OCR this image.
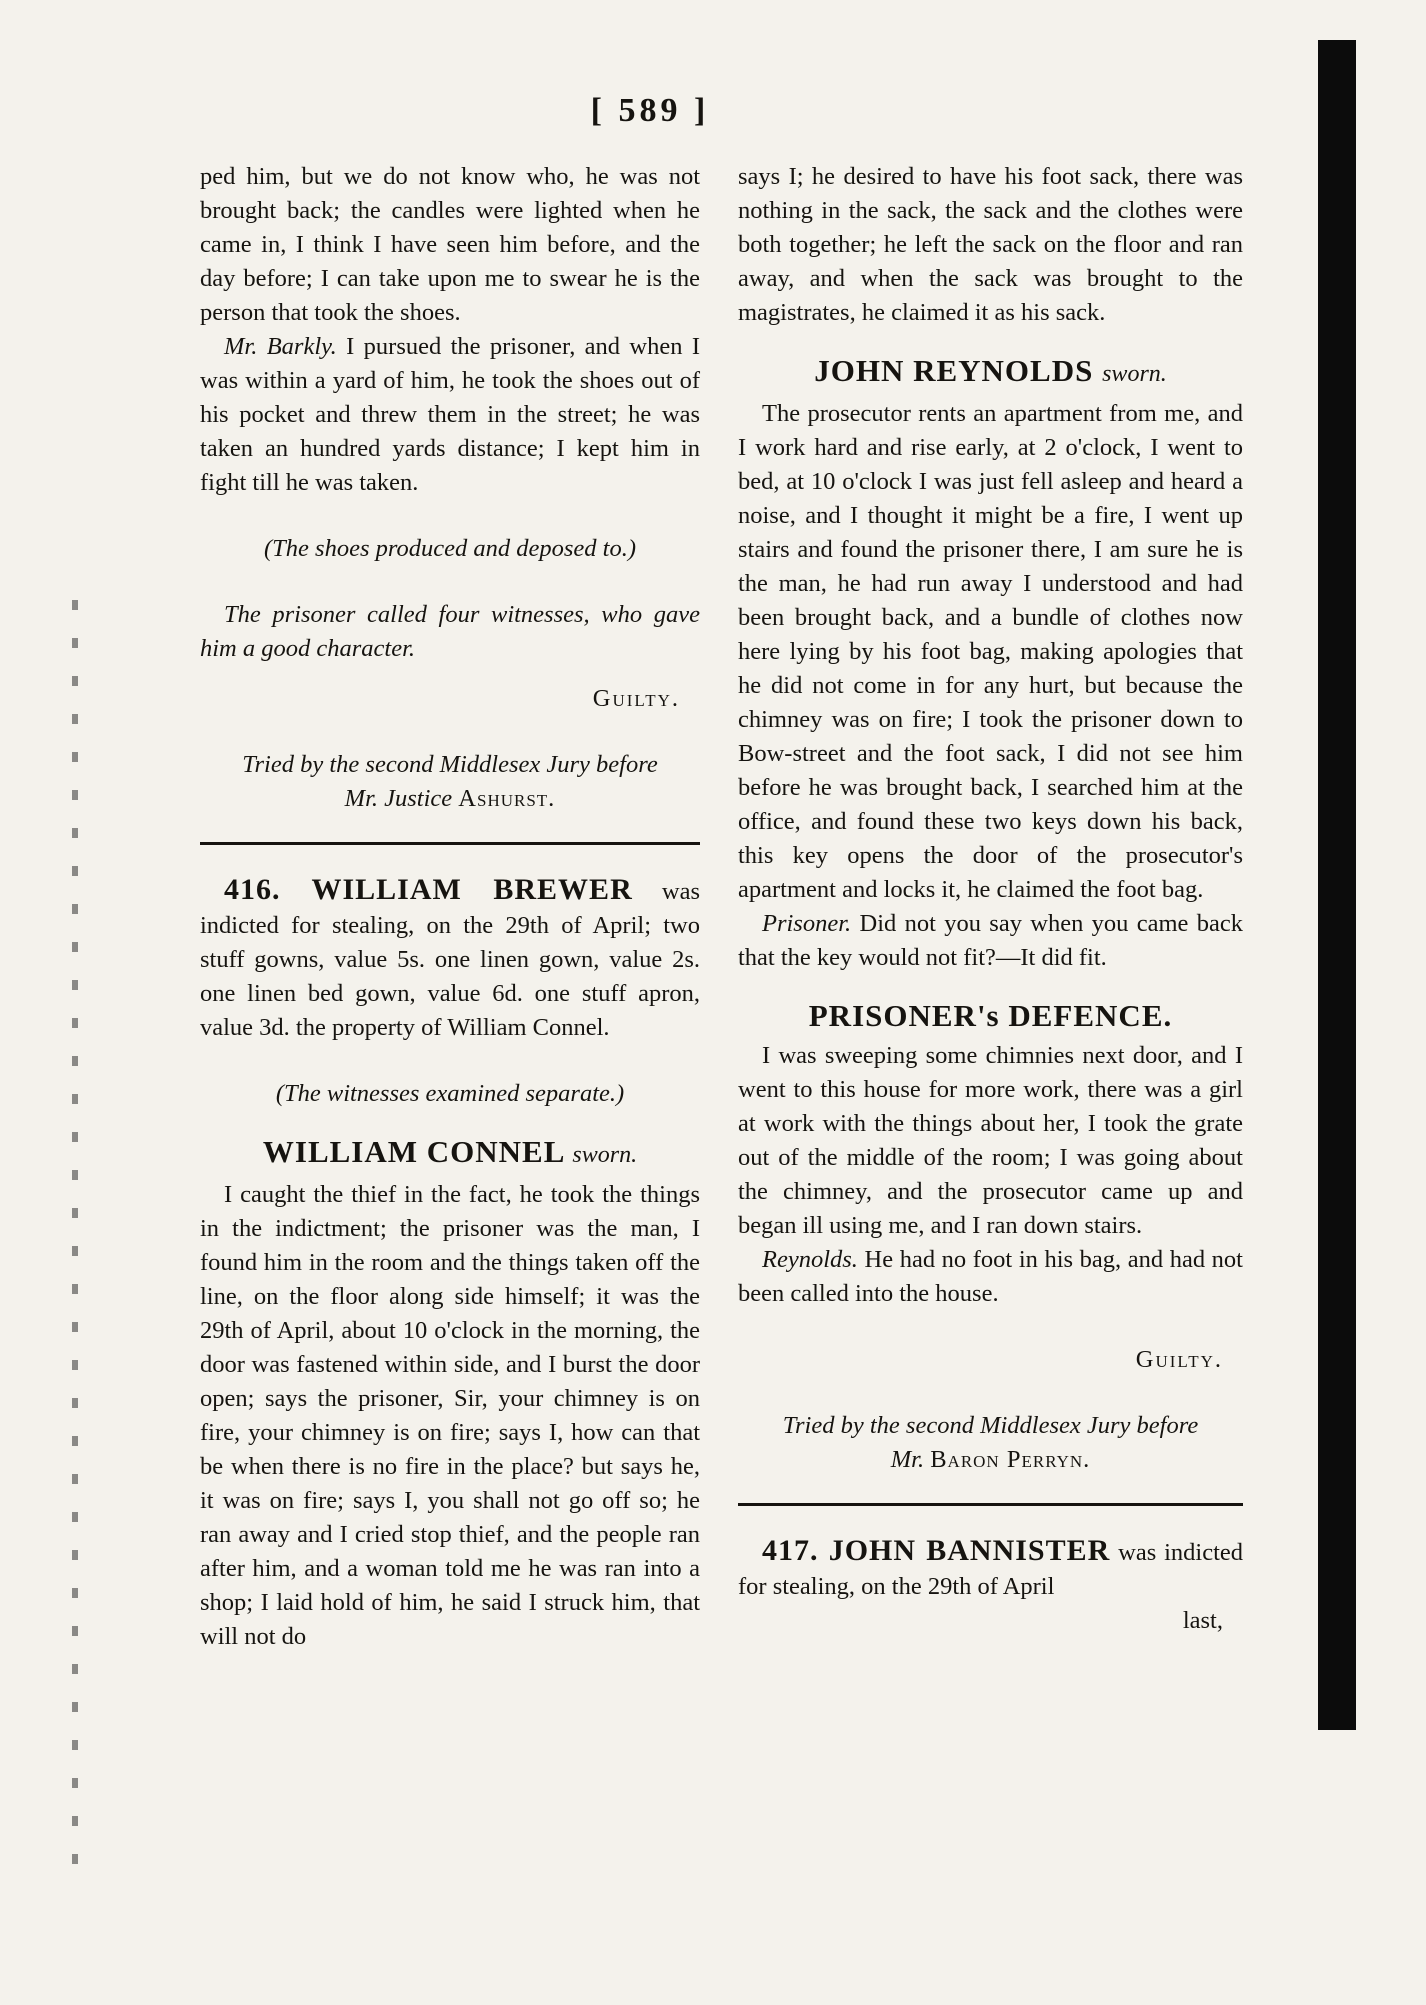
[ 589 ]

ped him, but we do not know who, he was not brought back; the candles were lighted when he came in, I think I have seen him before, and the day before; I can take upon me to swear he is the person that took the shoes.

Mr. Barkly. I pursued the prisoner, and when I was within a yard of him, he took the shoes out of his pocket and threw them in the street; he was taken an hundred yards distance; I kept him in fight till he was taken.

(The shoes produced and deposed to.)

The prisoner called four witnesses, who gave him a good character.

Guilty.

Tried by the second Middlesex Jury before

Mr. Justice Ashurst.

416. WILLIAM BREWER was indicted for stealing, on the 29th of April; two stuff gowns, value 5s. one linen gown, value 2s. one linen bed gown, value 6d. one stuff apron, value 3d. the property of William Connel.

(The witnesses examined separate.)

WILLIAM CONNEL sworn.

I caught the thief in the fact, he took the things in the indictment; the prisoner was the man, I found him in the room and the things taken off the line, on the floor along side himself; it was the 29th of April, about 10 o'clock in the morning, the door was fastened within side, and I burst the door open; says the prisoner, Sir, your chimney is on fire, your chimney is on fire; says I, how can that be when there is no fire in the place? but says he, it was on fire; says I, you shall not go off so; he ran away and I cried stop thief, and the people ran after him, and a woman told me he was ran into a shop; I laid hold of him, he said I struck him, that will not do

says I; he desired to have his foot sack, there was nothing in the sack, the sack and the clothes were both together; he left the sack on the floor and ran away, and when the sack was brought to the magistrates, he claimed it as his sack.

JOHN REYNOLDS sworn.

The prosecutor rents an apartment from me, and I work hard and rise early, at 2 o'clock, I went to bed, at 10 o'clock I was just fell asleep and heard a noise, and I thought it might be a fire, I went up stairs and found the prisoner there, I am sure he is the man, he had run away I understood and had been brought back, and a bundle of clothes now here lying by his foot bag, making apologies that he did not come in for any hurt, but because the chimney was on fire; I took the prisoner down to Bow-street and the foot sack, I did not see him before he was brought back, I searched him at the office, and found these two keys down his back, this key opens the door of the prosecutor's apartment and locks it, he claimed the foot bag.

Prisoner. Did not you say when you came back that the key would not fit?—It did fit.

PRISONER's DEFENCE.

I was sweeping some chimnies next door, and I went to this house for more work, there was a girl at work with the things about her, I took the grate out of the middle of the room; I was going about the chimney, and the prosecutor came up and began ill using me, and I ran down stairs.

Reynolds. He had no foot in his bag, and had not been called into the house.

Guilty.

Tried by the second Middlesex Jury before

Mr. Baron Perryn.

417. JOHN BANNISTER was indicted for stealing, on the 29th of April

last,
